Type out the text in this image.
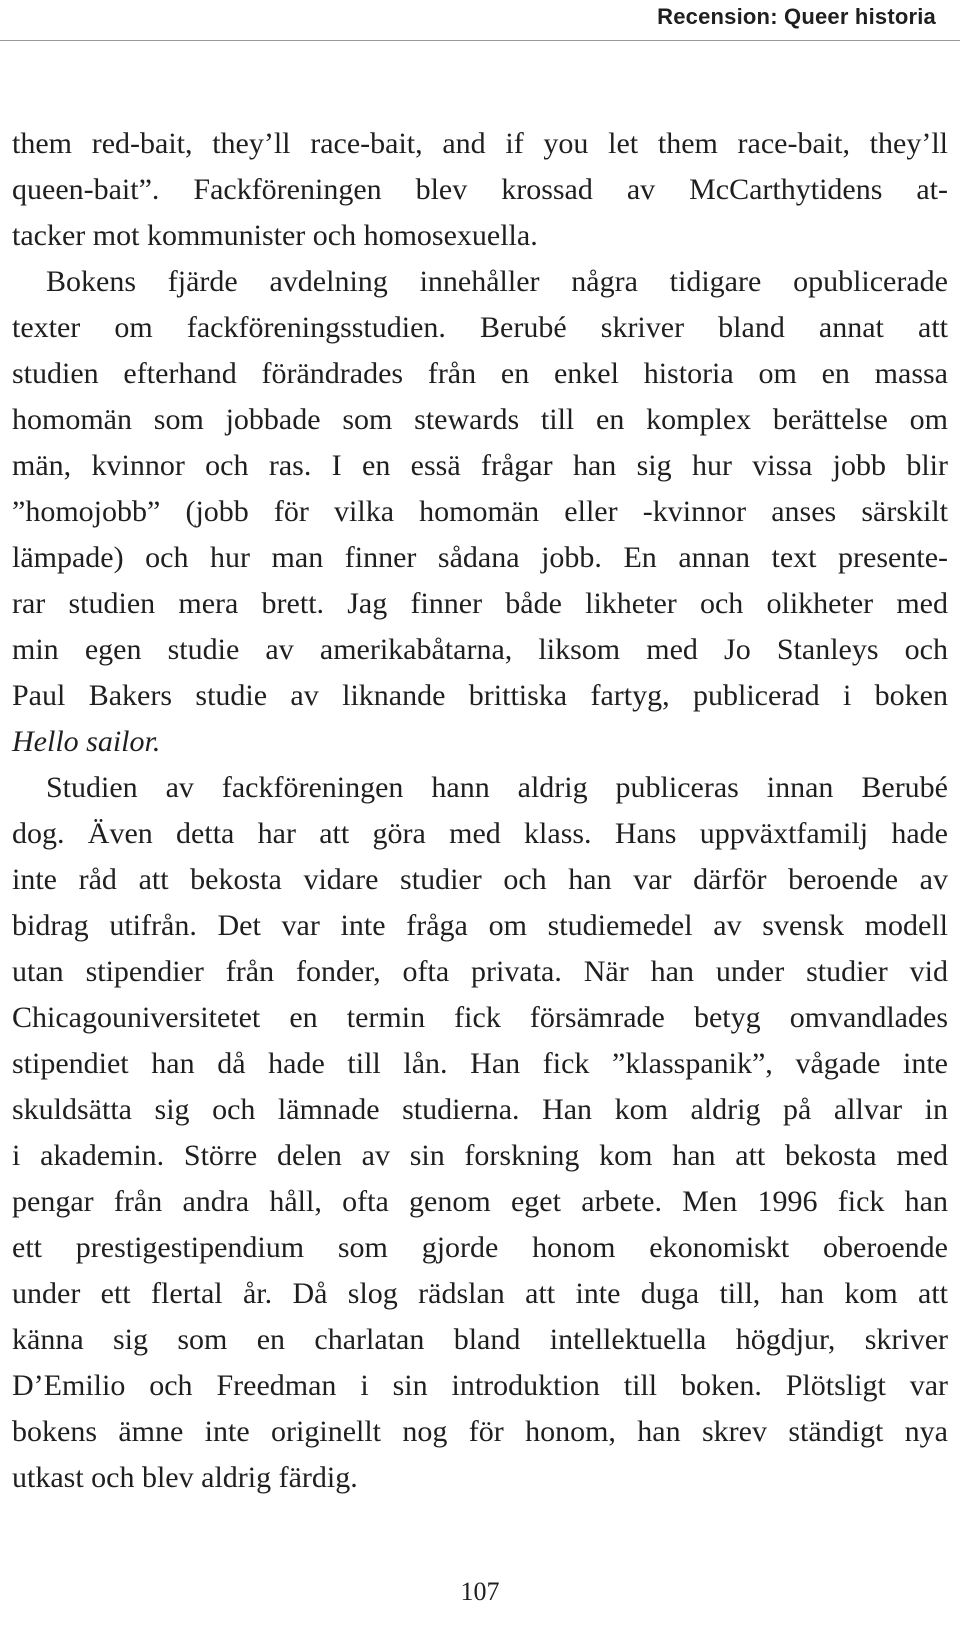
Recension: Queer historia
them red-bait, they’ll race-bait, and if you let them race-bait, they’ll
queen-bait”. Fackföreningen blev krossad av McCarthytidens at-
tacker mot kommunister och homosexuella.
Bokens fjärde avdelning innehåller några tidigare opublicerade
texter om fackföreningsstudien. Berubé skriver bland annat att
studien efterhand förändrades från en enkel historia om en massa
homomän som jobbade som stewards till en komplex berättelse om
män, kvinnor och ras. I en essä frågar han sig hur vissa jobb blir
”homojobb” (jobb för vilka homomän eller -kvinnor anses särskilt
lämpade) och hur man finner sådana jobb. En annan text presente-
rar studien mera brett. Jag finner både likheter och olikheter med
min egen studie av amerikabåtarna, liksom med Jo Stanleys och
Paul Bakers studie av liknande brittiska fartyg, publicerad i boken
Hello sailor.
Studien av fackföreningen hann aldrig publiceras innan Berubé
dog. Även detta har att göra med klass. Hans uppväxtfamilj hade
inte råd att bekosta vidare studier och han var därför beroende av
bidrag utifrån. Det var inte fråga om studiemedel av svensk modell
utan stipendier från fonder, ofta privata. När han under studier vid
Chicagouniversitetet en termin fick försämrade betyg omvandlades
stipendiet han då hade till lån. Han fick ”klasspanik”, vågade inte
skuldsätta sig och lämnade studierna. Han kom aldrig på allvar in
i akademin. Större delen av sin forskning kom han att bekosta med
pengar från andra håll, ofta genom eget arbete. Men 1996 fick han
ett prestigestipendium som gjorde honom ekonomiskt oberoende
under ett flertal år. Då slog rädslan att inte duga till, han kom att
känna sig som en charlatan bland intellektuella högdjur, skriver
D’Emilio och Freedman i sin introduktion till boken. Plötsligt var
bokens ämne inte originellt nog för honom, han skrev ständigt nya
utkast och blev aldrig färdig.
107
